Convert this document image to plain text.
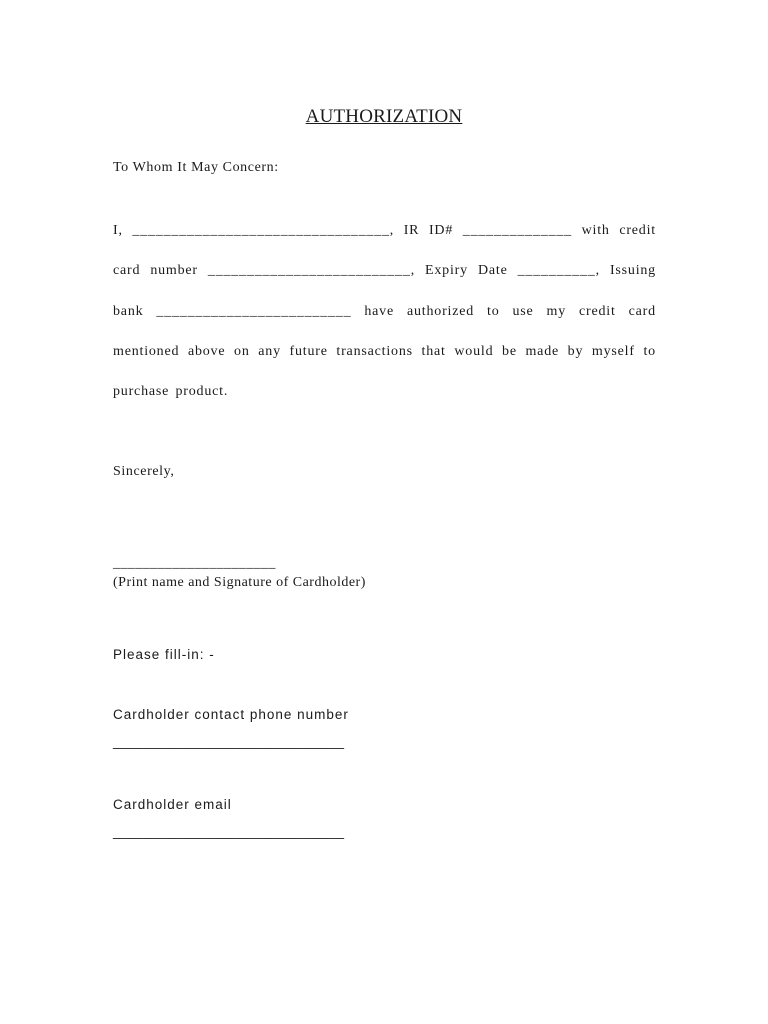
AUTHORIZATION
To Whom It May Concern:
I, _________________________________, IR ID# ______________ with credit
card number __________________________, Expiry Date __________, Issuing
bank _________________________ have authorized to use my credit card
mentioned above on any future transactions that would be made by myself to
purchase product.
Sincerely,
______________________
(Print name and Signature of Cardholder)
Please fill-in: -
Cardholder contact phone number
______________________________
Cardholder email
______________________________
